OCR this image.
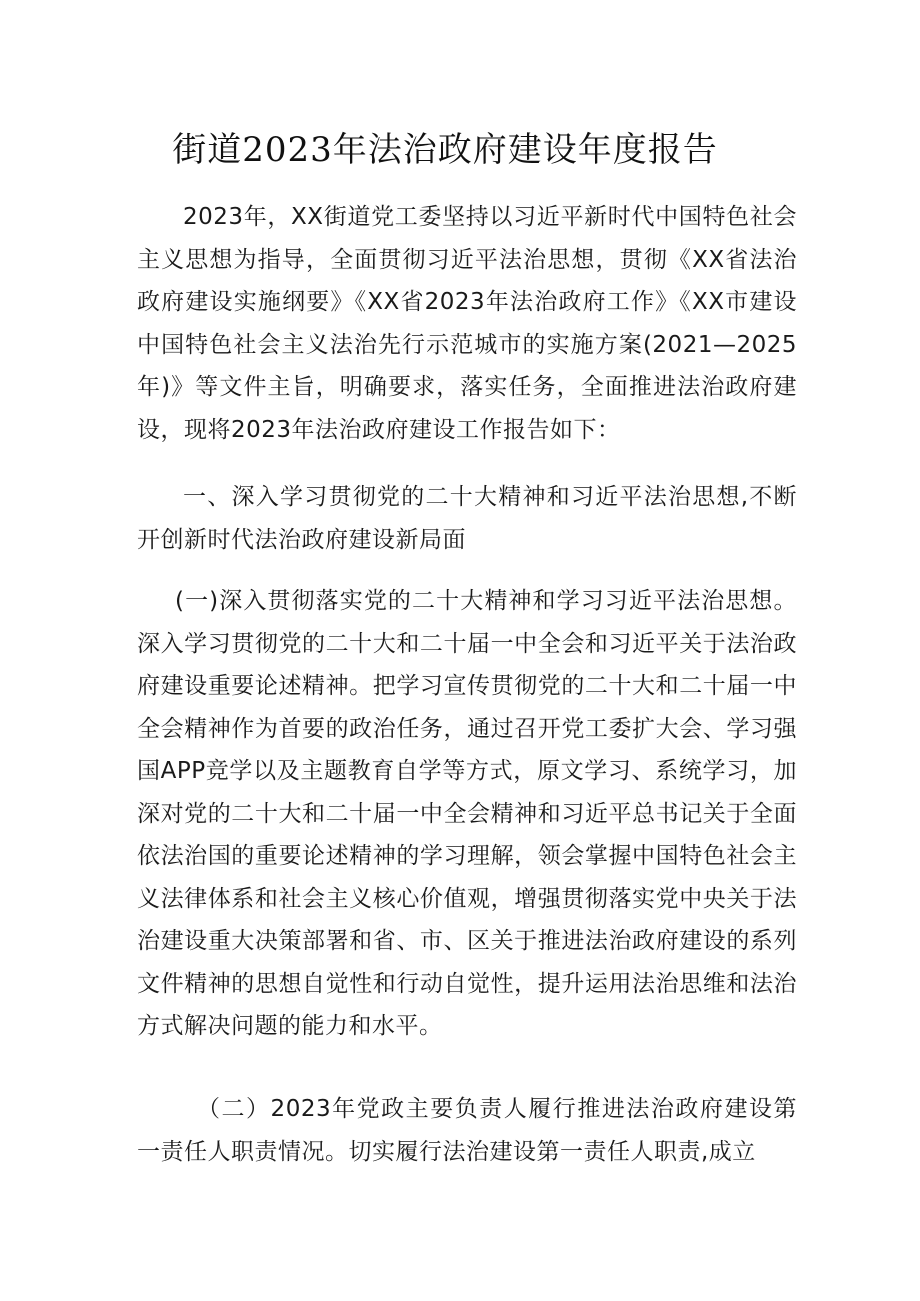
街道2023年法治政府建设年度报告
2023年，XX街道党工委坚持以习近平新时代中国特色社会主义思想为指导，全面贯彻习近平法治思想，贯彻《XX省法治政府建设实施纲要》《XX省2023年法治政府工作》《XX市建设中国特色社会主义法治先行示范城市的实施方案(2021—2025年)》等文件主旨，明确要求，落实任务，全面推进法治政府建设，现将2023年法治政府建设工作报告如下：
一、深入学习贯彻党的二十大精神和习近平法治思想,不断开创新时代法治政府建设新局面
(一)深入贯彻落实党的二十大精神和学习习近平法治思想。深入学习贯彻党的二十大和二十届一中全会和习近平关于法治政府建设重要论述精神。把学习宣传贯彻党的二十大和二十届一中全会精神作为首要的政治任务，通过召开党工委扩大会、学习强国APP竞学以及主题教育自学等方式，原文学习、系统学习，加深对党的二十大和二十届一中全会精神和习近平总书记关于全面依法治国的重要论述精神的学习理解，领会掌握中国特色社会主义法律体系和社会主义核心价值观，增强贯彻落实党中央关于法治建设重大决策部署和省、市、区关于推进法治政府建设的系列文件精神的思想自觉性和行动自觉性，提升运用法治思维和法治方式解决问题的能力和水平。
（二）2023年党政主要负责人履行推进法治政府建设第一责任人职责情况。切实履行法治建设第一责任人职责,成立
